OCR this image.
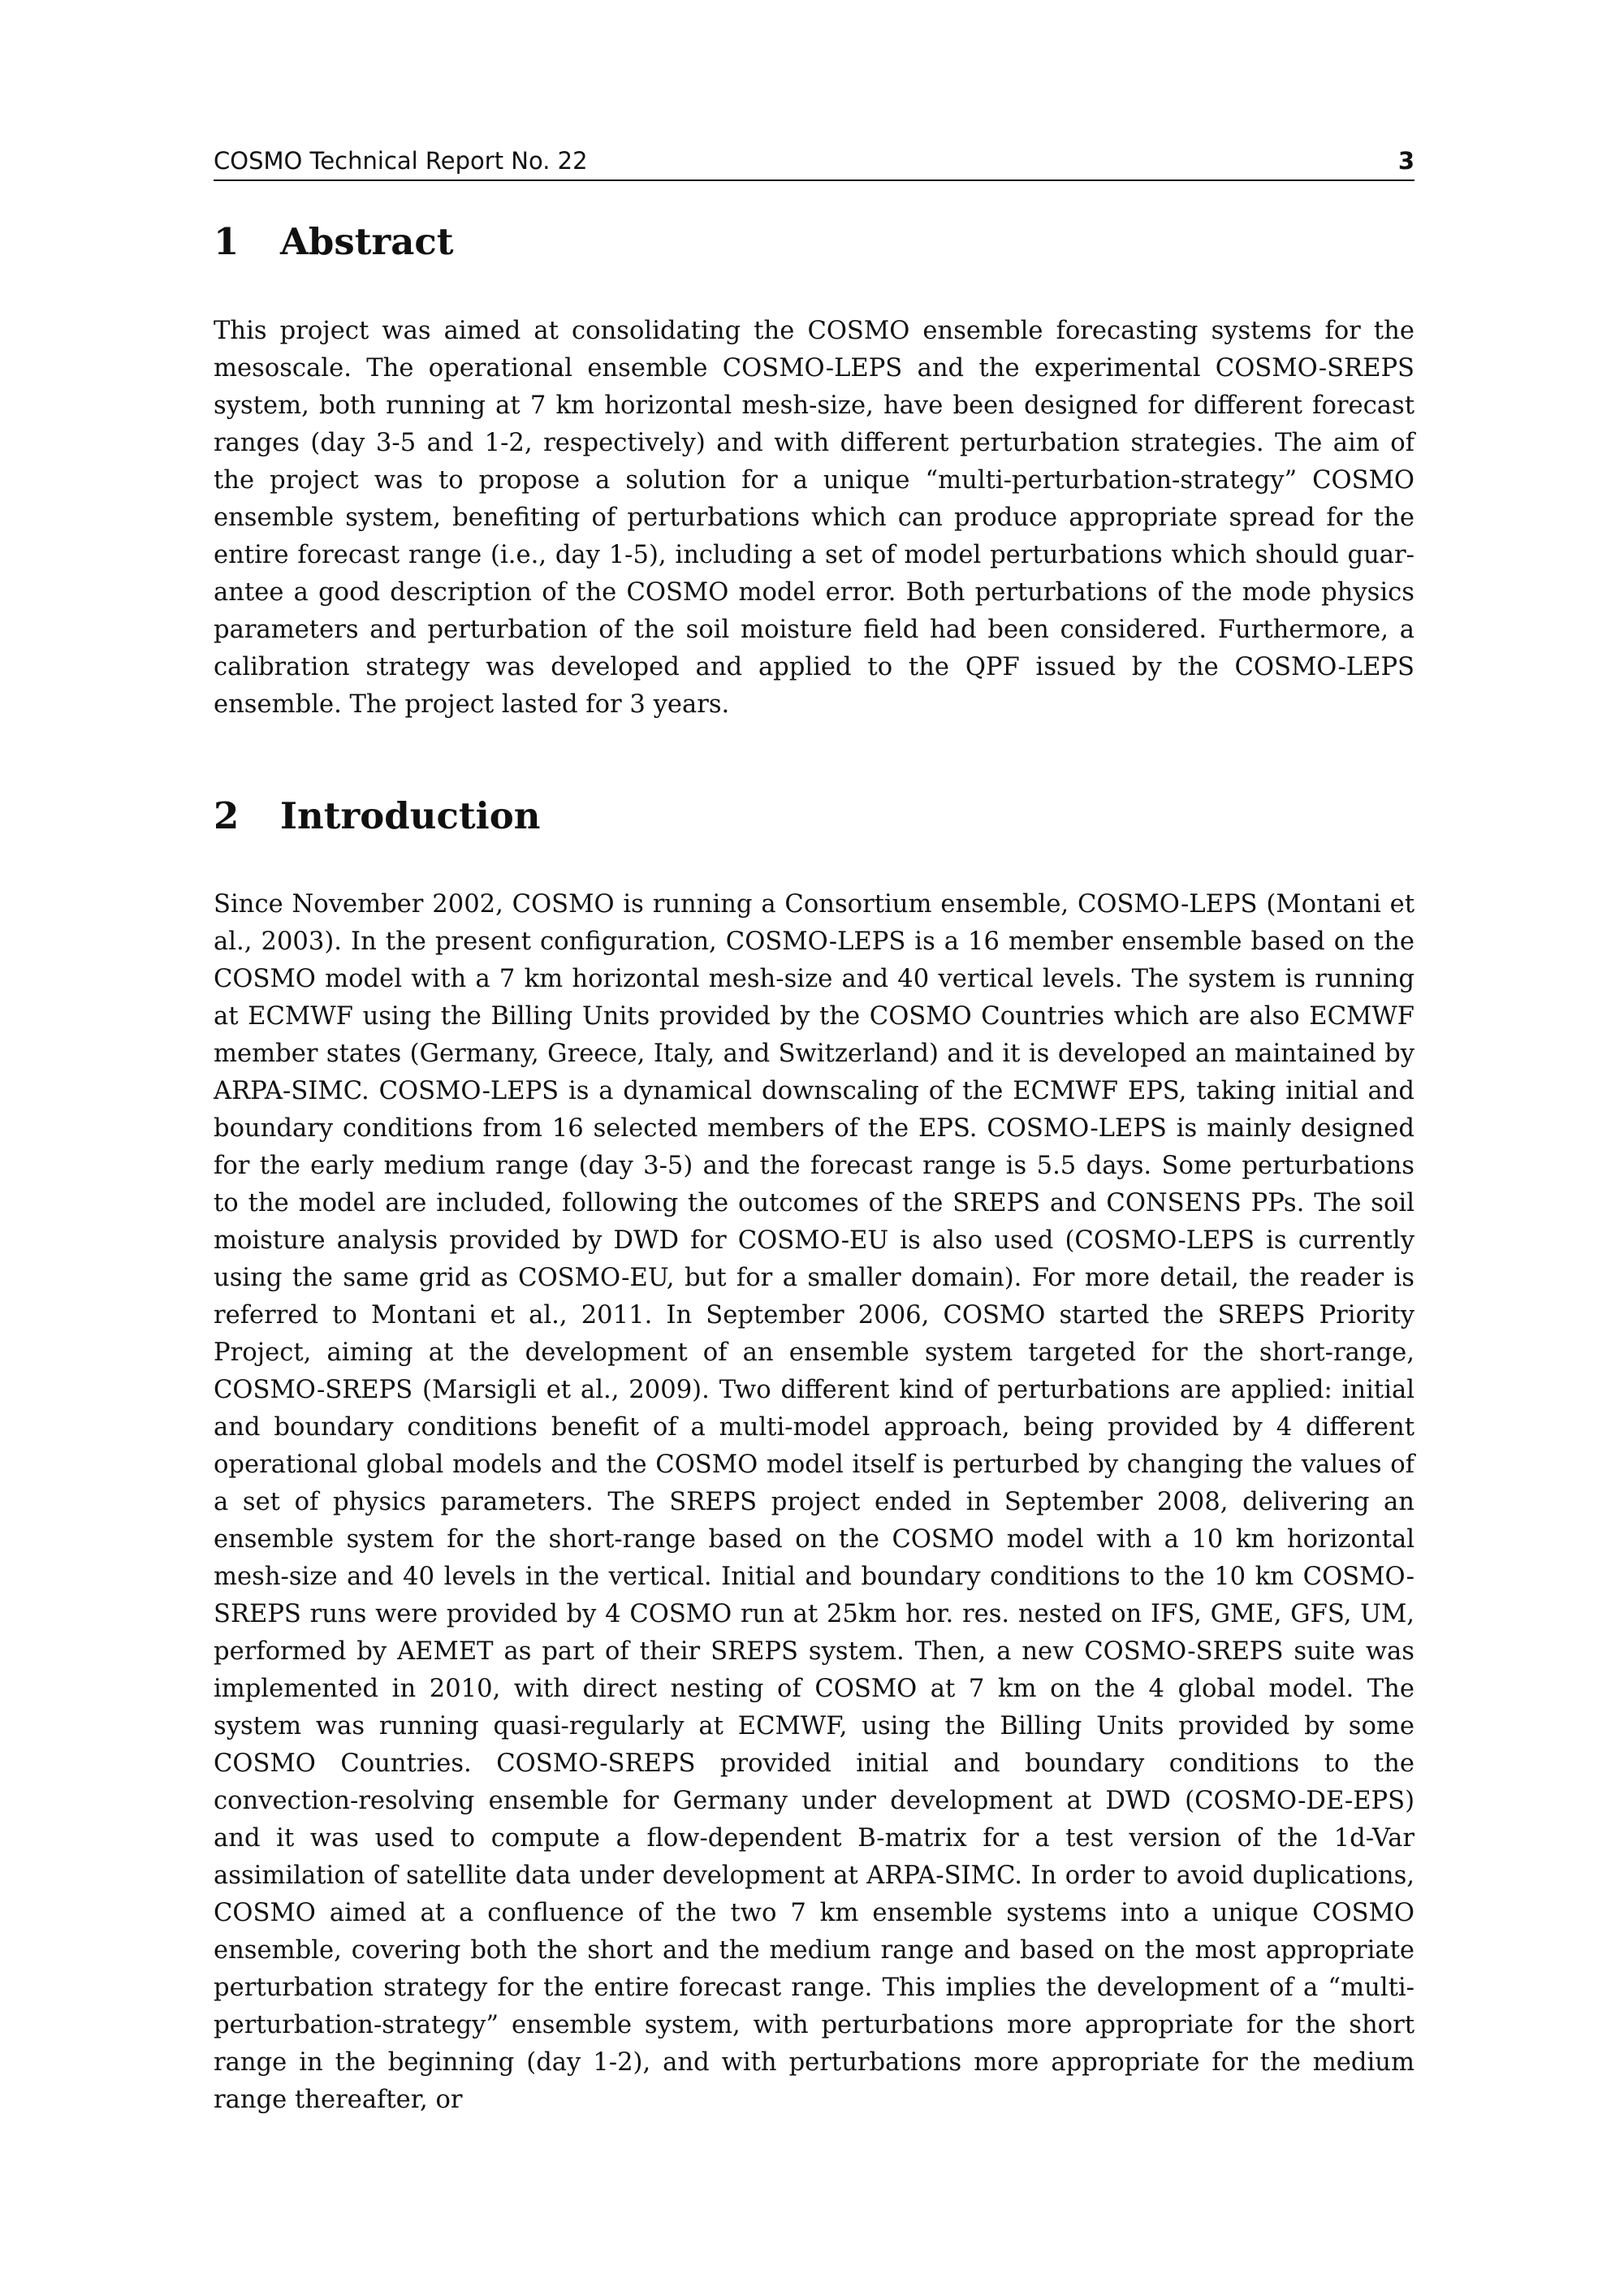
COSMO Technical Report No. 22	3
1 Abstract

This project was aimed at consolidating the COSMO ensemble forecasting systems for the mesoscale. The operational ensemble COSMO-LEPS and the experimental COSMO-SREPS system, both running at 7 km horizontal mesh-size, have been designed for different forecast ranges (day 3-5 and 1-2, respectively) and with different perturbation strategies. The aim of the project was to propose a solution for a unique “multi-perturbation-strategy” COSMO ensemble system, benefiting of perturbations which can produce appropriate spread for the entire forecast range (i.e., day 1-5), including a set of model perturbations which should guarantee a good description of the COSMO model error. Both perturbations of the mode physics parameters and perturbation of the soil moisture field had been considered. Furthermore, a calibration strategy was developed and applied to the QPF issued by the COSMO-LEPS ensemble. The project lasted for 3 years.

2 Introduction

Since November 2002, COSMO is running a Consortium ensemble, COSMO-LEPS (Montani et al., 2003). In the present configuration, COSMO-LEPS is a 16 member ensemble based on the COSMO model with a 7 km horizontal mesh-size and 40 vertical levels. The system is running at ECMWF using the Billing Units provided by the COSMO Countries which are also ECMWF member states (Germany, Greece, Italy, and Switzerland) and it is developed an maintained by ARPA-SIMC. COSMO-LEPS is a dynamical downscaling of the ECMWF EPS, taking initial and boundary conditions from 16 selected members of the EPS. COSMO-LEPS is mainly designed for the early medium range (day 3-5) and the forecast range is 5.5 days. Some perturbations to the model are included, following the outcomes of the SREPS and CONSENS PPs. The soil moisture analysis provided by DWD for COSMO-EU is also used (COSMO-LEPS is currently using the same grid as COSMO-EU, but for a smaller domain). For more detail, the reader is referred to Montani et al., 2011. In September 2006, COSMO started the SREPS Priority Project, aiming at the development of an ensemble system targeted for the short-range, COSMO-SREPS (Marsigli et al., 2009). Two different kind of perturbations are applied: initial and boundary conditions benefit of a multi-model approach, being provided by 4 different operational global models and the COSMO model itself is perturbed by changing the values of a set of physics parameters. The SREPS project ended in September 2008, delivering an ensemble system for the short-range based on the COSMO model with a 10 km horizontal mesh-size and 40 levels in the vertical. Initial and boundary conditions to the 10 km COSMO-SREPS runs were provided by 4 COSMO run at 25km hor. res. nested on IFS, GME, GFS, UM, performed by AEMET as part of their SREPS system. Then, a new COSMO-SREPS suite was implemented in 2010, with direct nesting of COSMO at 7 km on the 4 global model. The system was running quasi-regularly at ECMWF, using the Billing Units provided by some COSMO Countries. COSMO-SREPS provided initial and boundary conditions to the convection-resolving ensemble for Germany under development at DWD (COSMO-DE-EPS) and it was used to compute a flow-dependent B-matrix for a test version of the 1d-Var assimilation of satellite data under development at ARPA-SIMC. In order to avoid duplications, COSMO aimed at a confluence of the two 7 km ensemble systems into a unique COSMO ensemble, covering both the short and the medium range and based on the most appropriate perturbation strategy for the entire forecast range. This implies the development of a “multi-perturbation-strategy” ensemble system, with perturbations more appropriate for the short range in the beginning (day 1-2), and with perturbations more appropriate for the medium range thereafter, or
